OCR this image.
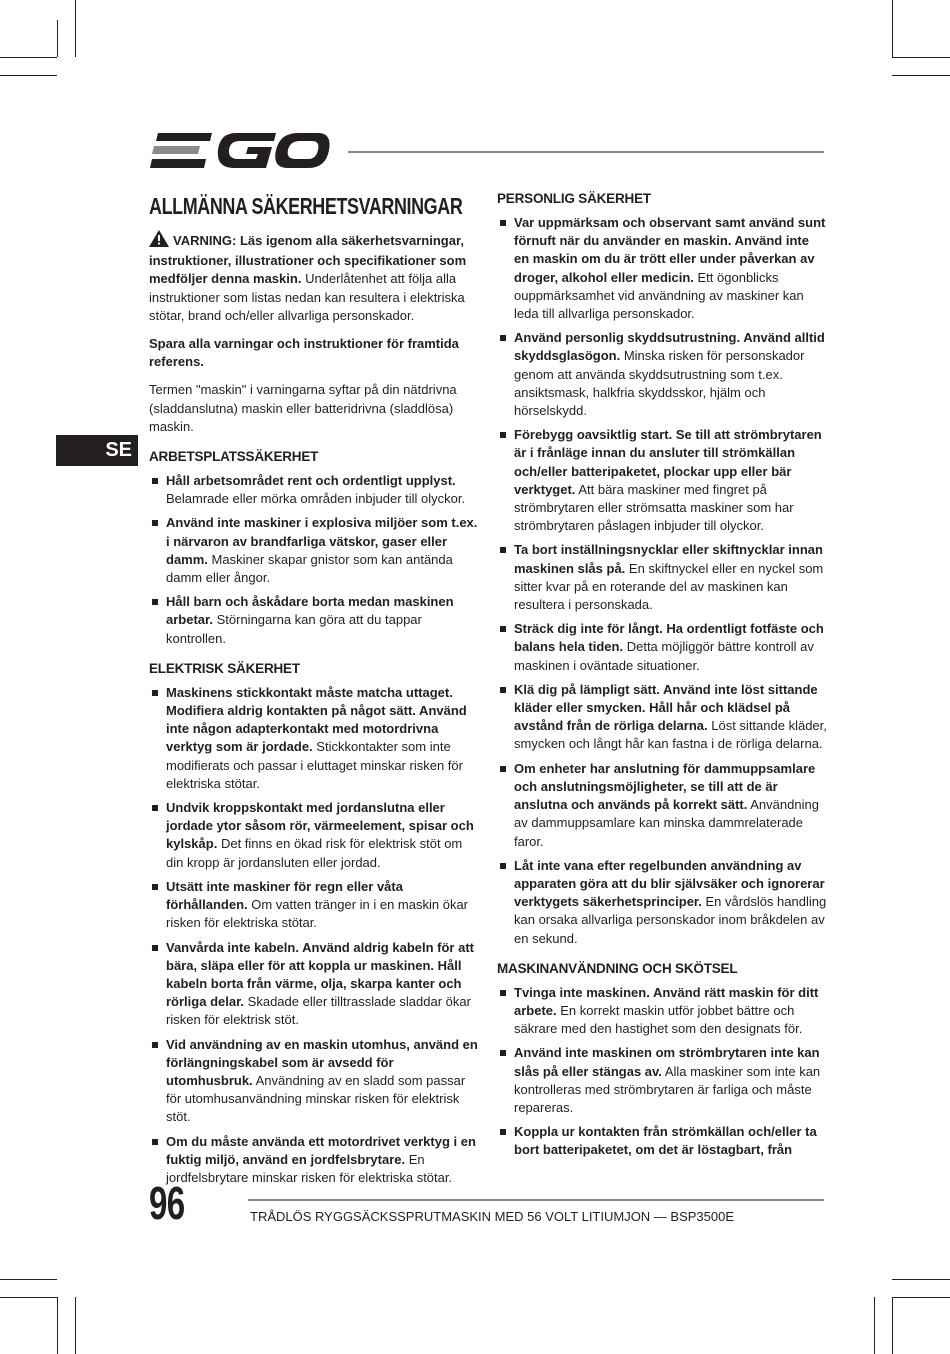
SE
ALLMÄNNA SÄKERHETSVARNINGAR

VARNING: Läs igenom alla säkerhetsvarningar, instruktioner, illustrationer och specifikationer som medföljer denna maskin. Underlåtenhet att följa alla instruktioner som listas nedan kan resultera i elektriska stötar, brand och/eller allvarliga personskador.

Spara alla varningar och instruktioner för framtida referens.

Termen "maskin" i varningarna syftar på din nätdrivna (sladdanslutna) maskin eller batteridrivna (sladdlösa) maskin.

ARBETSPLATSSÄKERHET
Håll arbetsområdet rent och ordentligt upplyst. Belamrade eller mörka områden inbjuder till olyckor.
Använd inte maskiner i explosiva miljöer som t.ex. i närvaron av brandfarliga vätskor, gaser eller damm. Maskiner skapar gnistor som kan antända damm eller ångor.
Håll barn och åskådare borta medan maskinen arbetar. Störningarna kan göra att du tappar kontrollen.
ELEKTRISK SÄKERHET
Maskinens stickkontakt måste matcha uttaget. Modifiera aldrig kontakten på något sätt. Använd inte någon adapterkontakt med motordrivna verktyg som är jordade. Stickkontakter som inte modifierats och passar i eluttaget minskar risken för elektriska stötar.
Undvik kroppskontakt med jordanslutna eller jordade ytor såsom rör, värmeelement, spisar och kylskåp. Det finns en ökad risk för elektrisk stöt om din kropp är jordansluten eller jordad.
Utsätt inte maskiner för regn eller våta förhållanden. Om vatten tränger in i en maskin ökar risken för elektriska stötar.
Vanvårda inte kabeln. Använd aldrig kabeln för att bära, släpa eller för att koppla ur maskinen. Håll kabeln borta från värme, olja, skarpa kanter och rörliga delar. Skadade eller tilltrasslade sladdar ökar risken för elektrisk stöt.
Vid användning av en maskin utomhus, använd en förlängningskabel som är avsedd för utomhusbruk. Användning av en sladd som passar för utomhusanvändning minskar risken för elektrisk stöt.
Om du måste använda ett motordrivet verktyg i en fuktig miljö, använd en jordfelsbrytare. En jordfelsbrytare minskar risken för elektriska stötar.
PERSONLIG SÄKERHET
Var uppmärksam och observant samt använd sunt förnuft när du använder en maskin. Använd inte en maskin om du är trött eller under påverkan av droger, alkohol eller medicin. Ett ögonblicks ouppmärksamhet vid användning av maskiner kan leda till allvarliga personskador.
Använd personlig skyddsutrustning. Använd alltid skyddsglasögon. Minska risken för personskador genom att använda skyddsutrustning som t.ex. ansiktsmask, halkfria skyddsskor, hjälm och hörselskydd.
Förebygg oavsiktlig start. Se till att strömbrytaren är i frånläge innan du ansluter till strömkällan och/eller batteripaketet, plockar upp eller bär verktyget. Att bära maskiner med fingret på strömbrytaren eller strömsatta maskiner som har strömbrytaren påslagen inbjuder till olyckor.
Ta bort inställningsnycklar eller skiftnycklar innan maskinen slås på. En skiftnyckel eller en nyckel som sitter kvar på en roterande del av maskinen kan resultera i personskada.
Sträck dig inte för långt. Ha ordentligt fotfäste och balans hela tiden. Detta möjliggör bättre kontroll av maskinen i oväntade situationer.
Klä dig på lämpligt sätt. Använd inte löst sittande kläder eller smycken. Håll hår och klädsel på avstånd från de rörliga delarna. Löst sittande kläder, smycken och långt hår kan fastna i de rörliga delarna.
Om enheter har anslutning för dammuppsamlare och anslutningsmöjligheter, se till att de är anslutna och används på korrekt sätt. Användning av dammuppsamlare kan minska dammrelaterade faror.
Låt inte vana efter regelbunden användning av apparaten göra att du blir självsäker och ignorerar verktygets säkerhetsprinciper. En vårdslös handling kan orsaka allvarliga personskador inom bråkdelen av en sekund.
MASKINANVÄNDNING OCH SKÖTSEL
Tvinga inte maskinen. Använd rätt maskin för ditt arbete. En korrekt maskin utför jobbet bättre och säkrare med den hastighet som den designats för.
Använd inte maskinen om strömbrytaren inte kan slås på eller stängas av. Alla maskiner som inte kan kontrolleras med strömbrytaren är farliga och måste repareras.
Koppla ur kontakten från strömkällan och/eller ta bort batteripaketet, om det är löstagbart, från
96	TRÅDLÖS RYGGSÄCKSSPRUTMASKIN MED 56 VOLT LITIUMJON — BSP3500E
